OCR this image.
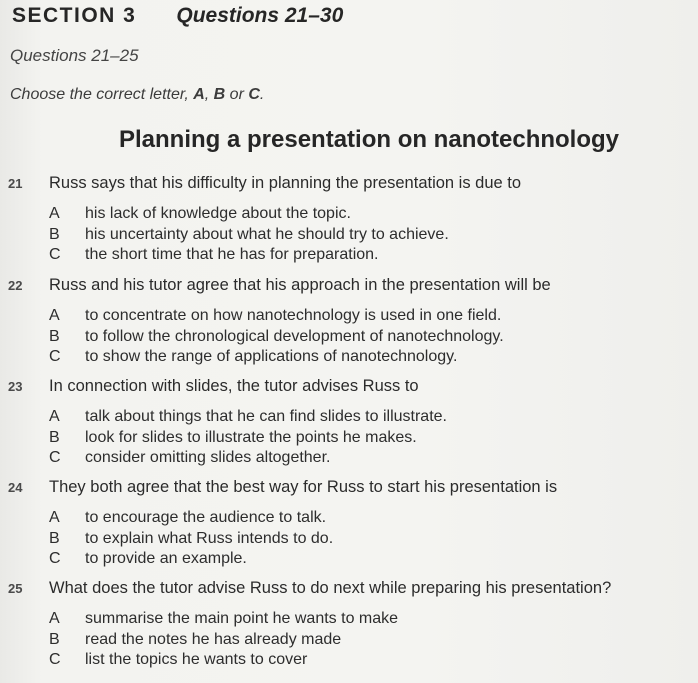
SECTION 3 Questions 21–30
Questions 21–25
Choose the correct letter, A, B or C.
Planning a presentation on nanotechnology
21 Russ says that his difficulty in planning the presentation is due to
A	his lack of knowledge about the topic.
B	his uncertainty about what he should try to achieve.
C	the short time that he has for preparation.
22 Russ and his tutor agree that his approach in the presentation will be
A	to concentrate on how nanotechnology is used in one field.
B	to follow the chronological development of nanotechnology.
C	to show the range of applications of nanotechnology.
23 In connection with slides, the tutor advises Russ to
A	talk about things that he can find slides to illustrate.
B	look for slides to illustrate the points he makes.
C	consider omitting slides altogether.
24 They both agree that the best way for Russ to start his presentation is
A	to encourage the audience to talk.
B	to explain what Russ intends to do.
C	to provide an example.
25 What does the tutor advise Russ to do next while preparing his presentation?
A	summarise the main point he wants to make
B	read the notes he has already made
C	list the topics he wants to cover
